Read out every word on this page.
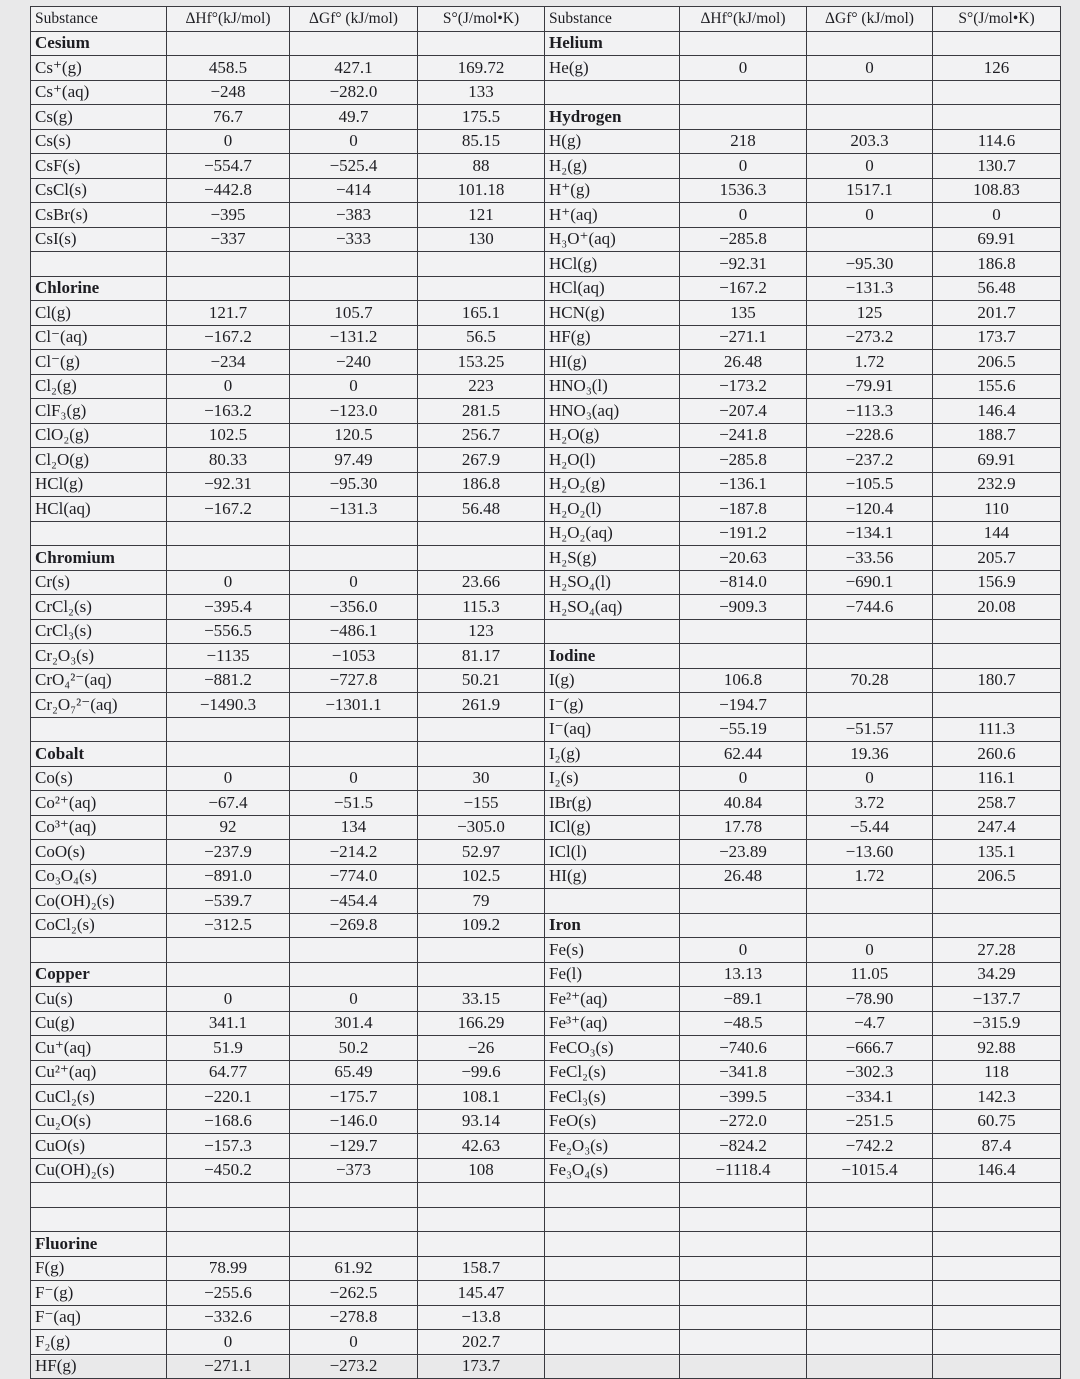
Substance	ΔHf°(kJ/mol)	ΔGf° (kJ/mol)	S°(J/mol•K)
Cesium			
Cs⁺(g)	458.5	427.1	169.72
Cs⁺(aq)	−248	−282.0	133
Cs(g)	76.7	49.7	175.5
Cs(s)	0	0	85.15
CsF(s)	−554.7	−525.4	88
CsCl(s)	−442.8	−414	101.18
CsBr(s)	−395	−383	121
CsI(s)	−337	−333	130

Chlorine			
Cl(g)	121.7	105.7	165.1
Cl⁻(aq)	−167.2	−131.2	56.5
Cl⁻(g)	−234	−240	153.25
Cl₂(g)	0	0	223
ClF₃(g)	−163.2	−123.0	281.5
ClO₂(g)	102.5	120.5	256.7
Cl₂O(g)	80.33	97.49	267.9
HCl(g)	−92.31	−95.30	186.8
HCl(aq)	−167.2	−131.3	56.48

Chromium			
Cr(s)	0	0	23.66
CrCl₂(s)	−395.4	−356.0	115.3
CrCl₃(s)	−556.5	−486.1	123
Cr₂O₃(s)	−1135	−1053	81.17
CrO₄²⁻(aq)	−881.2	−727.8	50.21
Cr₂O₇²⁻(aq)	−1490.3	−1301.1	261.9

Cobalt			
Co(s)	0	0	30
Co²⁺(aq)	−67.4	−51.5	−155
Co³⁺(aq)	92	134	−305.0
CoO(s)	−237.9	−214.2	52.97
Co₃O₄(s)	−891.0	−774.0	102.5
Co(OH)₂(s)	−539.7	−454.4	79
CoCl₂(s)	−312.5	−269.8	109.2

Copper			
Cu(s)	0	0	33.15
Cu(g)	341.1	301.4	166.29
Cu⁺(aq)	51.9	50.2	−26
Cu²⁺(aq)	64.77	65.49	−99.6
CuCl₂(s)	−220.1	−175.7	108.1
Cu₂O(s)	−168.6	−146.0	93.14
CuO(s)	−157.3	−129.7	42.63
Cu(OH)₂(s)	−450.2	−373	108

Fluorine			
F(g)	78.99	61.92	158.7
F⁻(g)	−255.6	−262.5	145.47
F⁻(aq)	−332.6	−278.8	−13.8
F₂(g)	0	0	202.7
HF(g)	−271.1	−273.2	173.7
Substance	ΔHf°(kJ/mol)	ΔGf° (kJ/mol)	S°(J/mol•K)
Helium			
He(g)	0	0	126

Hydrogen			
H(g)	218	203.3	114.6
H₂(g)	0	0	130.7
H⁺(g)	1536.3	1517.1	108.83
H⁺(aq)	0	0	0
H₃O⁺(aq)	−285.8		69.91
HCl(g)	−92.31	−95.30	186.8
HCl(aq)	−167.2	−131.3	56.48
HCN(g)	135	125	201.7
HF(g)	−271.1	−273.2	173.7
HI(g)	26.48	1.72	206.5
HNO₃(l)	−173.2	−79.91	155.6
HNO₃(aq)	−207.4	−113.3	146.4
H₂O(g)	−241.8	−228.6	188.7
H₂O(l)	−285.8	−237.2	69.91
H₂O₂(g)	−136.1	−105.5	232.9
H₂O₂(l)	−187.8	−120.4	110
H₂O₂(aq)	−191.2	−134.1	144
H₂S(g)	−20.63	−33.56	205.7
H₂SO₄(l)	−814.0	−690.1	156.9
H₂SO₄(aq)	−909.3	−744.6	20.08

Iodine			
I(g)	106.8	70.28	180.7
I⁻(g)	−194.7		
I⁻(aq)	−55.19	−51.57	111.3
I₂(g)	62.44	19.36	260.6
I₂(s)	0	0	116.1
IBr(g)	40.84	3.72	258.7
ICl(g)	17.78	−5.44	247.4
ICl(l)	−23.89	−13.60	135.1
HI(g)	26.48	1.72	206.5

Iron			
Fe(s)	0	0	27.28
Fe(l)	13.13	11.05	34.29
Fe²⁺(aq)	−89.1	−78.90	−137.7
Fe³⁺(aq)	−48.5	−4.7	−315.9
FeCO₃(s)	−740.6	−666.7	92.88
FeCl₂(s)	−341.8	−302.3	118
FeCl₃(s)	−399.5	−334.1	142.3
FeO(s)	−272.0	−251.5	60.75
Fe₂O₃(s)	−824.2	−742.2	87.4
Fe₃O₄(s)	−1118.4	−1015.4	146.4
